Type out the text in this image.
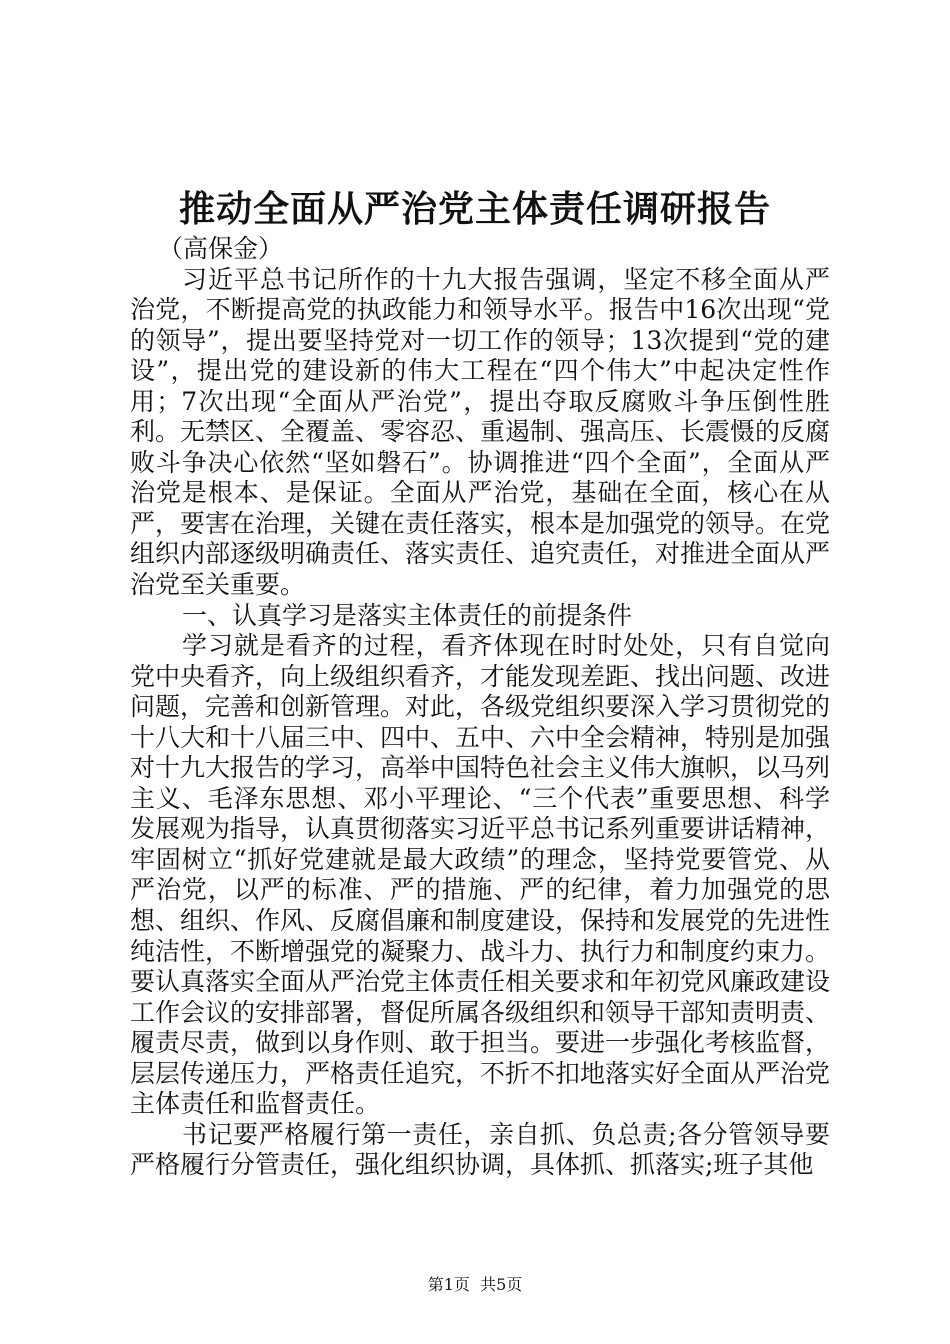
推动全面从严治党主体责任调研报告

（高保金）

习近平总书记所作的十九大报告强调，坚定不移全面从严治党，不断提高党的执政能力和领导水平。报告中16次出现“党的领导”，提出要坚持党对一切工作的领导；13次提到“党的建设”，提出党的建设新的伟大工程在“四个伟大”中起决定性作用；7次出现“全面从严治党”，提出夺取反腐败斗争压倒性胜利。无禁区、全覆盖、零容忍、重遏制、强高压、长震慑的反腐败斗争决心依然“坚如磐石”。协调推进“四个全面”，全面从严治党是根本、是保证。全面从严治党，基础在全面，核心在从严，要害在治理，关键在责任落实，根本是加强党的领导。在党组织内部逐级明确责任、落实责任、追究责任，对推进全面从严治党至关重要。

一、认真学习是落实主体责任的前提条件

学习就是看齐的过程，看齐体现在时时处处，只有自觉向党中央看齐，向上级组织看齐，才能发现差距、找出问题、改进问题，完善和创新管理。对此，各级党组织要深入学习贯彻党的十八大和十八届三中、四中、五中、六中全会精神，特别是加强对十九大报告的学习，高举中国特色社会主义伟大旗帜，以马列主义、毛泽东思想、邓小平理论、“三个代表”重要思想、科学发展观为指导，认真贯彻落实习近平总书记系列重要讲话精神，牢固树立“抓好党建就是最大政绩”的理念，坚持党要管党、从严治党，以严的标准、严的措施、严的纪律，着力加强党的思想、组织、作风、反腐倡廉和制度建设，保持和发展党的先进性纯洁性，不断增强党的凝聚力、战斗力、执行力和制度约束力。要认真落实全面从严治党主体责任相关要求和年初党风廉政建设工作会议的安排部署，督促所属各级组织和领导干部知责明责、履责尽责，做到以身作则、敢于担当。要进一步强化考核监督，层层传递压力，严格责任追究，不折不扣地落实好全面从严治党主体责任和监督责任。

书记要严格履行第一责任，亲自抓、负总责;各分管领导要严格履行分管责任，强化组织协调，具体抓、抓落实;班子其他

第1页  共5页
